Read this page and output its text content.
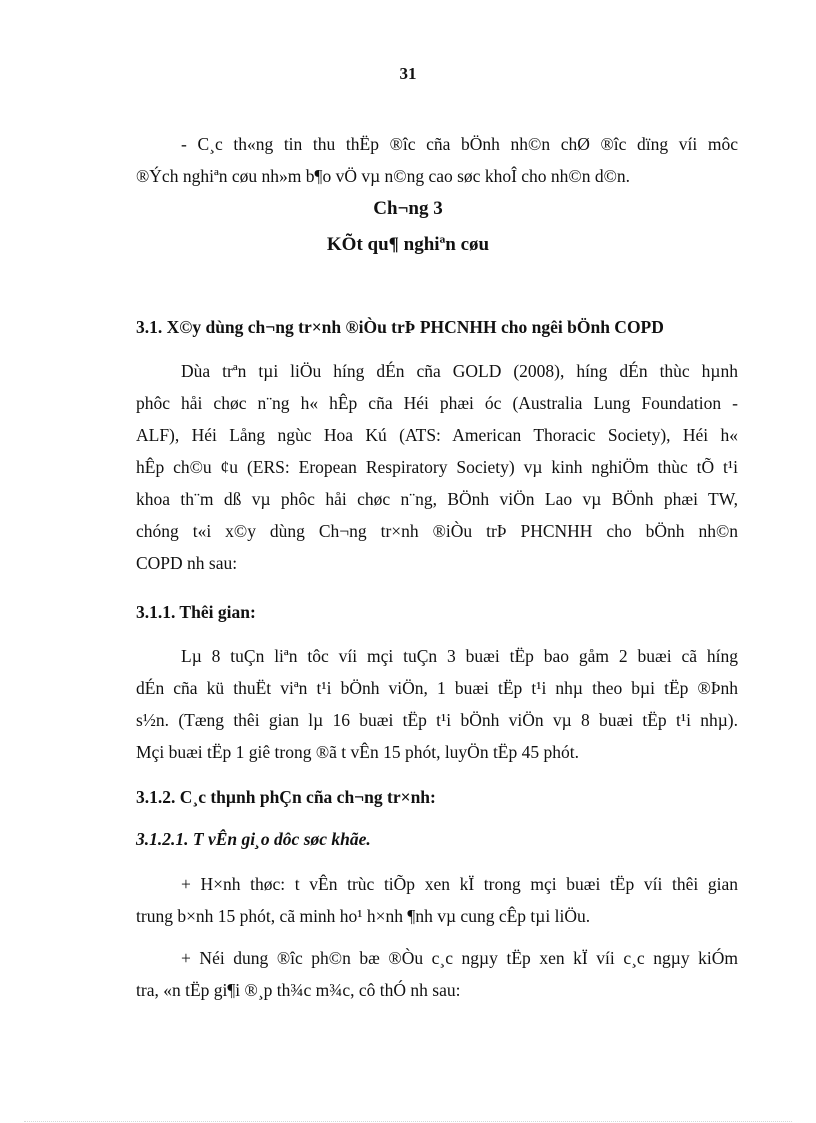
31
- C¸c th«ng tin thu thËp ®îc cña bÖnh nh©n chØ ®îc dïng víi môc
®Ých nghiªn cøu nh»m b¶o vÖ vµ n©ng cao søc khoÎ cho nh©n d©n.
Ch¬ng 3
KÕt qu¶ nghiªn cøu
3.1. X©y dùng ch¬ng tr×nh ®iÒu trÞ PHCNHH cho ngêi bÖnh COPD
Dùa trªn tµi liÖu híng dÉn cña GOLD (2008), híng dÉn thùc hµnh
phôc håi chøc n¨ng h« hÊp cña Héi phæi óc (Australia Lung Foundation -
ALF), Héi Lång ngùc Hoa Kú (ATS: American Thoracic Society), Héi h«
hÊp ch©u ¢u (ERS: Eropean Respiratory Society) vµ kinh nghiÖm thùc tÕ t¹i
khoa th¨m dß vµ phôc håi chøc n¨ng, BÖnh viÖn Lao vµ BÖnh phæi TW,
chóng t«i x©y dùng Ch¬ng tr×nh ®iÒu trÞ PHCNHH cho bÖnh nh©n
COPD nh sau:
3.1.1. Thêi gian:
Lµ 8 tuÇn liªn tôc víi mçi tuÇn 3 buæi tËp bao gåm 2 buæi cã híng
dÉn cña kü thuËt viªn t¹i bÖnh viÖn, 1 buæi tËp t¹i nhµ theo bµi tËp ®Þnh
s½n. (Tæng thêi gian lµ 16 buæi tËp t¹i bÖnh viÖn vµ 8 buæi tËp t¹i nhµ).
Mçi buæi tËp 1 giê trong ®ã t vÊn 15 phót, luyÖn tËp 45 phót.
3.1.2. C¸c thµnh phÇn cña ch¬ng tr×nh:
3.1.2.1. T vÊn gi¸o dôc søc khãe.
+ H×nh thøc: t vÊn trùc tiÕp xen kÏ trong mçi buæi tËp víi thêi gian
trung b×nh 15 phót, cã minh ho¹ h×nh ¶nh vµ cung cÊp tµi liÖu.
+ Néi dung ®îc ph©n bæ ®Òu c¸c ngµy tËp xen kÏ víi c¸c ngµy kiÓm
tra, «n tËp gi¶i ®¸p th¾c m¾c, cô thÓ nh sau:
